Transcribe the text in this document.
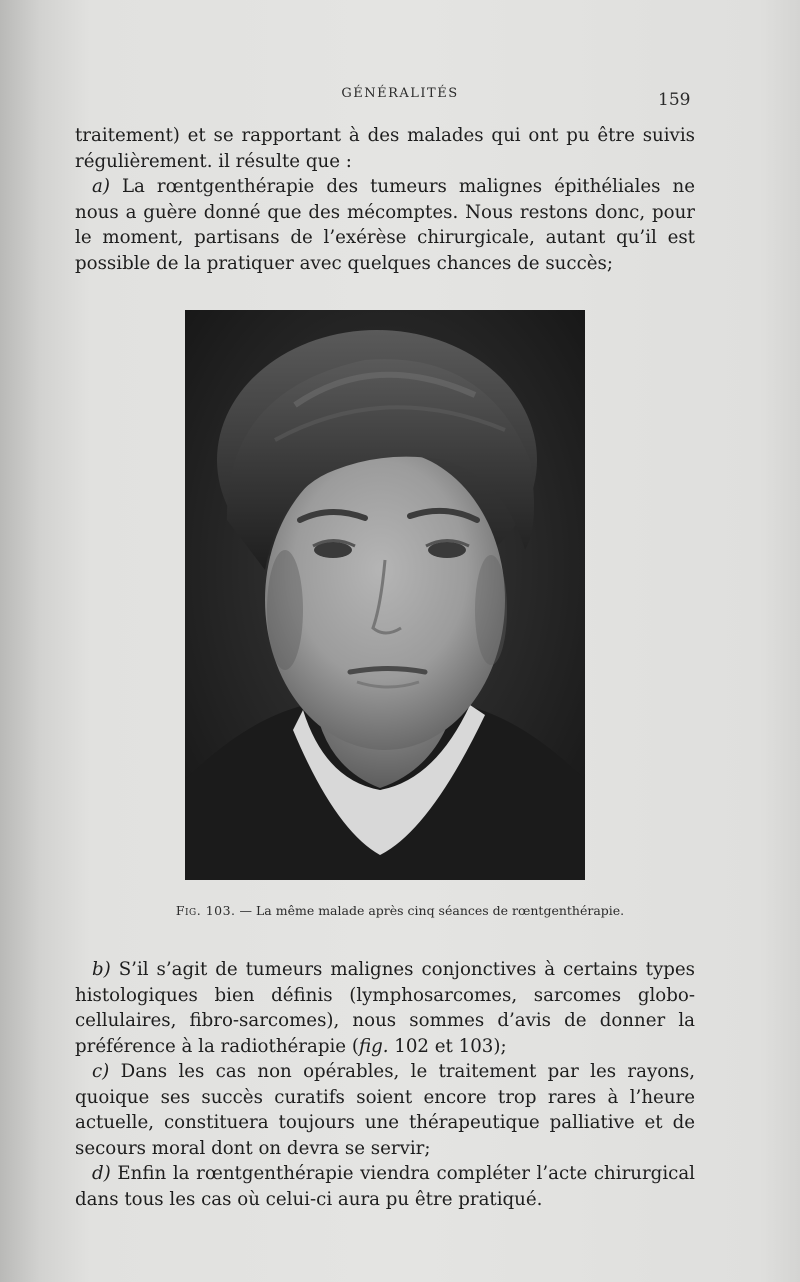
GÉNÉRALITÉS	159

traitement) et se rapportant à des malades qui ont pu être suivis régulièrement. il résulte que :

a) La rœntgenthérapie des tumeurs malignes épithéliales ne nous a guère donné que des mécomptes. Nous restons donc, pour le moment, partisans de l’exérèse chirurgicale, autant qu’il est possible de la pratiquer avec quelques chances de succès;

Fig. 103. — La même malade après cinq séances de rœntgenthérapie.

b) S’il s’agit de tumeurs malignes conjonctives à certains types histologiques bien définis (lymphosarcomes, sarcomes globo-cellulaires, fibro-sarcomes), nous sommes d’avis de donner la préférence à la radiothérapie (fig. 102 et 103);

c) Dans les cas non opérables, le traitement par les rayons, quoique ses succès curatifs soient encore trop rares à l’heure actuelle, constituera toujours une thérapeutique palliative et de secours moral dont on devra se servir;

d) Enfin la rœntgenthérapie viendra compléter l’acte chirurgical dans tous les cas où celui-ci aura pu être pratiqué.
